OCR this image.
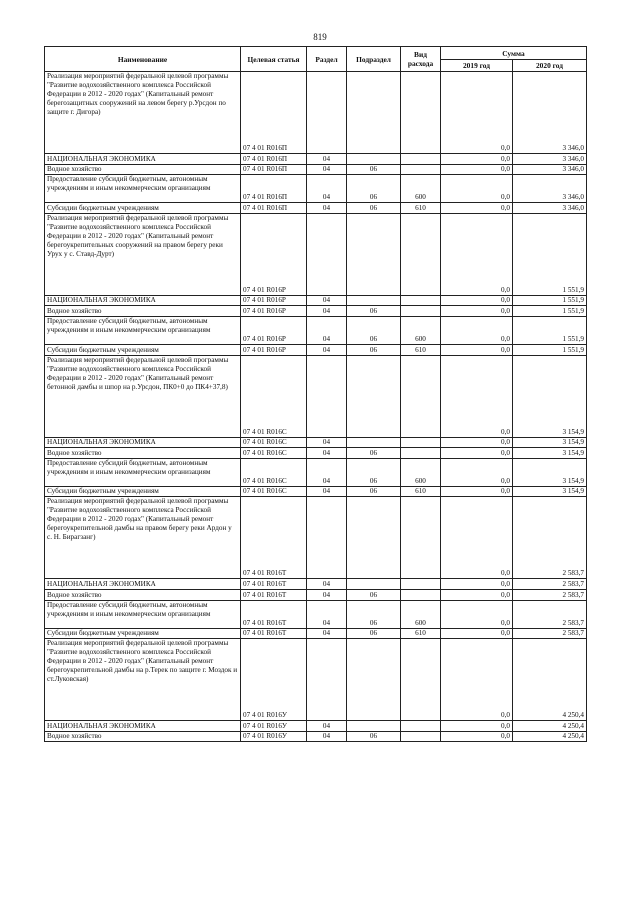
819
Наименование	Целевая статья	Раздел	Подраздел	Вид расхода	Сумма	
					2019 год	2020 год
Реализация мероприятий федеральной целевой программы "Развитие водохозяйственного комплекса Российской Федерации в 2012 - 2020 годах" (Капитальный ремонт берегозащитных сооружений на левом берегу р.Урсдон по защите г. Дигора)	07 4 01 R016П				0,0	3 346,0
НАЦИОНАЛЬНАЯ ЭКОНОМИКА	07 4 01 R016П	04			0,0	3 346,0
Водное хозяйство	07 4 01 R016П	04	06		0,0	3 346,0
Предоставление субсидий бюджетным, автономным учреждениям и иным некоммерческим организациям	07 4 01 R016П	04	06	600	0,0	3 346,0
Субсидии бюджетным учреждениям	07 4 01 R016П	04	06	610	0,0	3 346,0
Реализация мероприятий федеральной целевой программы "Развитие водохозяйственного комплекса Российской Федерации в 2012 - 2020 годах" (Капитальный ремонт берегоукрепительных сооружений на правом берегу реки Урух у с. Ставд-Дурт)	07 4 01 R016Р				0,0	1 551,9
НАЦИОНАЛЬНАЯ ЭКОНОМИКА	07 4 01 R016Р	04			0,0	1 551,9
Водное хозяйство	07 4 01 R016Р	04	06		0,0	1 551,9
Предоставление субсидий бюджетным, автономным учреждениям и иным некоммерческим организациям	07 4 01 R016Р	04	06	600	0,0	1 551,9
Субсидии бюджетным учреждениям	07 4 01 R016Р	04	06	610	0,0	1 551,9
Реализация мероприятий федеральной целевой программы "Развитие водохозяйственного комплекса Российской Федерации в 2012 - 2020 годах" (Капитальный ремонт бетонной дамбы и шпор на р.Урсдон, ПК0+0 до ПК4+37,8)	07 4 01 R016С				0,0	3 154,9
НАЦИОНАЛЬНАЯ ЭКОНОМИКА	07 4 01 R016С	04			0,0	3 154,9
Водное хозяйство	07 4 01 R016С	04	06		0,0	3 154,9
Предоставление субсидий бюджетным, автономным учреждениям и иным некоммерческим организациям	07 4 01 R016С	04	06	600	0,0	3 154,9
Субсидии бюджетным учреждениям	07 4 01 R016С	04	06	610	0,0	3 154,9
Реализация мероприятий федеральной целевой программы "Развитие водохозяйственного комплекса Российской Федерации в 2012 - 2020 годах" (Капитальный ремонт берегоукрепительной дамбы на правом берегу реки Ардон у с. Н. Бирагзанг)	07 4 01 R016Т				0,0	2 583,7
НАЦИОНАЛЬНАЯ ЭКОНОМИКА	07 4 01 R016Т	04			0,0	2 583,7
Водное хозяйство	07 4 01 R016Т	04	06		0,0	2 583,7
Предоставление субсидий бюджетным, автономным учреждениям и иным некоммерческим организациям	07 4 01 R016Т	04	06	600	0,0	2 583,7
Субсидии бюджетным учреждениям	07 4 01 R016Т	04	06	610	0,0	2 583,7
Реализация мероприятий федеральной целевой программы "Развитие водохозяйственного комплекса Российской Федерации в 2012 - 2020 годах" (Капитальный ремонт берегоукрепительной дамбы на р.Терек по защите г. Моздок и ст.Луковская)	07 4 01 R016У				0,0	4 250,4
НАЦИОНАЛЬНАЯ ЭКОНОМИКА	07 4 01 R016У	04			0,0	4 250,4
Водное хозяйство	07 4 01 R016У	04	06		0,0	4 250,4
